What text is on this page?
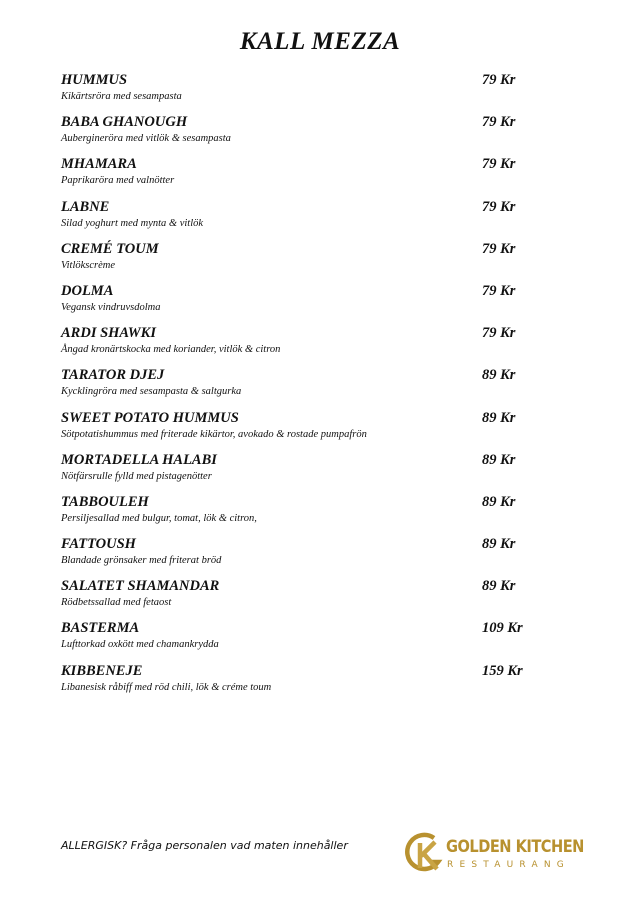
KALL MEZZA
HUMMUS	79 Kr
Kikärtsröra med sesampasta
BABA GHANOUGH	79 Kr
Aubergineröra med vitlök & sesampasta
MHAMARA	79 Kr
Paprikaröra med valnötter
LABNE	79 Kr
Silad yoghurt med mynta & vitlök
CREMÉ TOUM	79 Kr
Vitlökscrème
DOLMA	79 Kr
Vegansk vindruvsdolma
ARDI SHAWKI	79 Kr
Ångad kronärtskocka med koriander, vitlök & citron
TARATOR DJEJ	89 Kr
Kycklingröra med sesampasta & saltgurka
SWEET POTATO HUMMUS	89 Kr
Sötpotatishummus med friterade kikärtor, avokado & rostade pumpafrön
MORTADELLA HALABI	89 Kr
Nötfärsrulle fylld med pistagenötter
TABBOULEH	89 Kr
Persiljesallad med bulgur, tomat, lök & citron,
FATTOUSH	89 Kr
Blandade grönsaker med friterat bröd
SALATET SHAMANDAR	89 Kr
Rödbetssallad med fetaost
BASTERMA	109 Kr
Lufttorkad oxkött med chamankrydda
KIBBENEJE	159 Kr
Libanesisk råbiff med röd chili, lök & créme toum
ALLERGISK? Fråga personalen vad maten innehåller	GOLDEN KITCHEN
RESTAURANG
